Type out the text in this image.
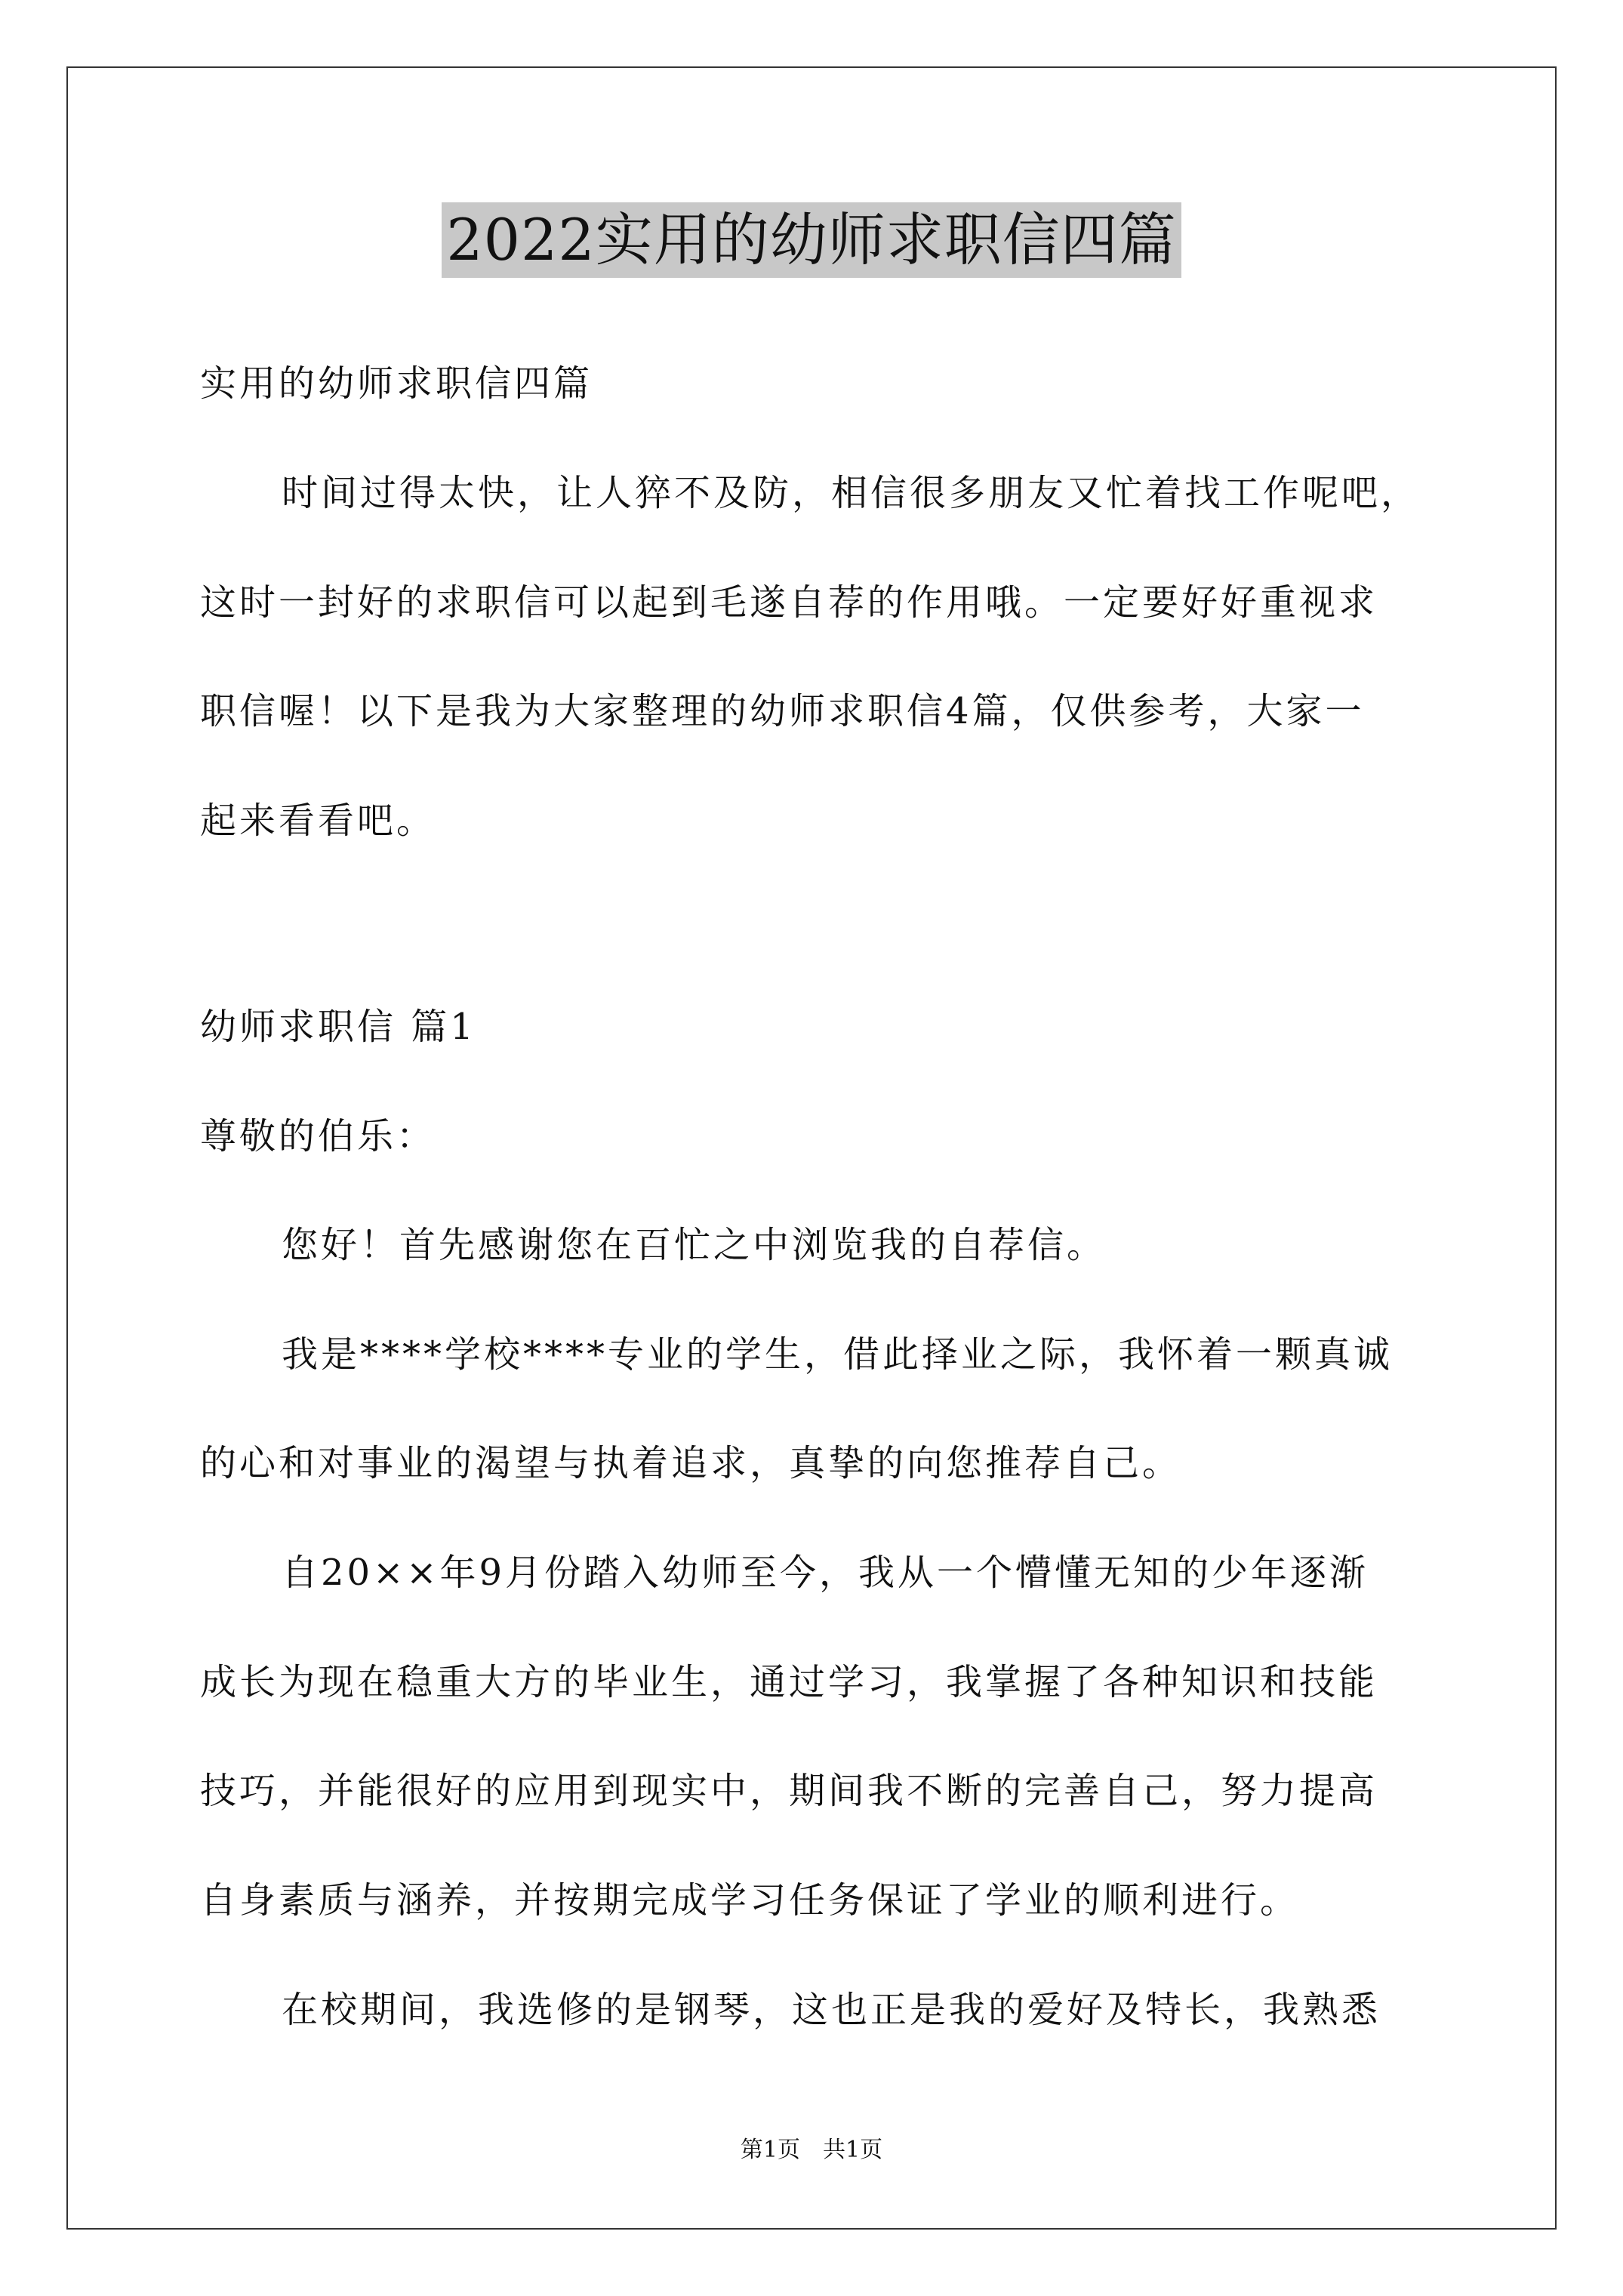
2022实用的幼师求职信四篇
实用的幼师求职信四篇
时间过得太快，让人猝不及防，相信很多朋友又忙着找工作呢吧，
这时一封好的求职信可以起到毛遂自荐的作用哦。一定要好好重视求
职信喔！以下是我为大家整理的幼师求职信4篇，仅供参考，大家一
起来看看吧。
幼师求职信 篇1
尊敬的伯乐：
您好！首先感谢您在百忙之中浏览我的自荐信。
我是****学校****专业的学生，借此择业之际，我怀着一颗真诚
的心和对事业的渴望与执着追求，真挚的向您推荐自己。
自20××年9月份踏入幼师至今，我从一个懵懂无知的少年逐渐
成长为现在稳重大方的毕业生，通过学习，我掌握了各种知识和技能
技巧，并能很好的应用到现实中，期间我不断的完善自己，努力提高
自身素质与涵养，并按期完成学习任务保证了学业的顺利进行。
在校期间，我选修的是钢琴，这也正是我的爱好及特长，我熟悉
第1页　共1页
